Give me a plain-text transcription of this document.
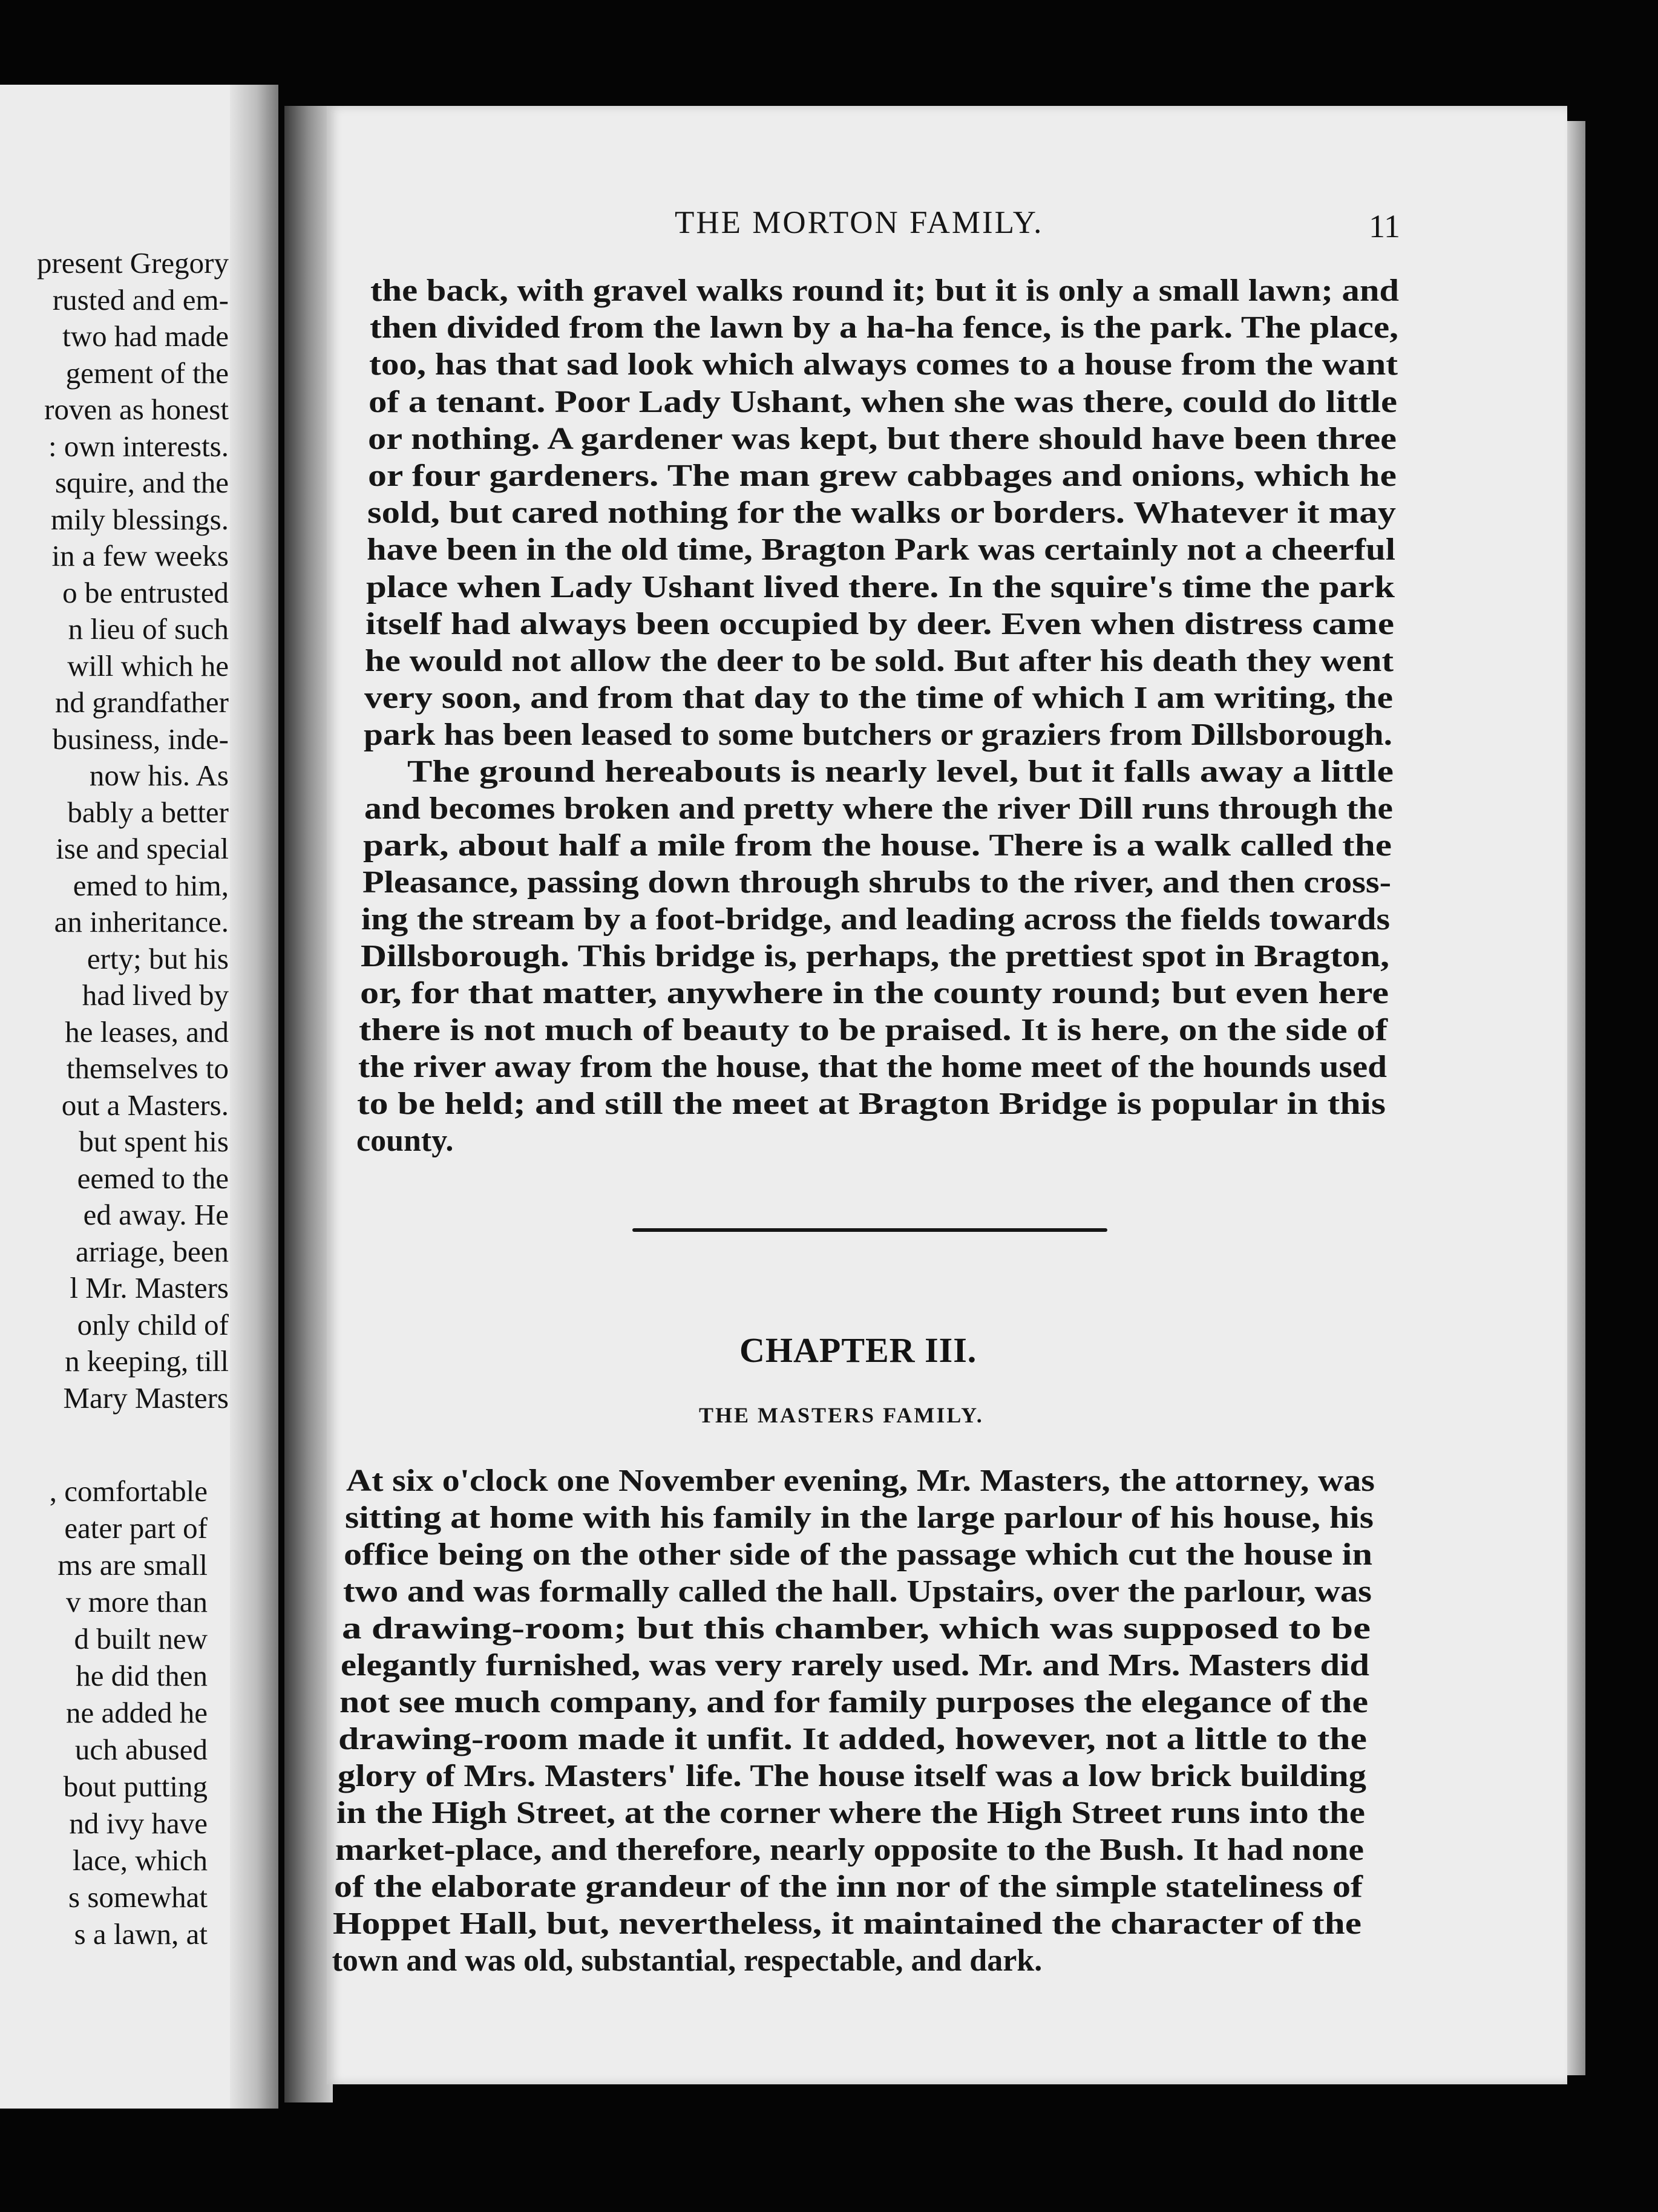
present Gregory
rusted and em-
two had made
gement of the
roven as honest
: own interests.
squire, and the
mily blessings.
in a few weeks
o be entrusted
n lieu of such
will which he
nd grandfather
business, inde-
now his. As
bably a better
ise and special
emed to him,
an inheritance.
erty; but his
had lived by
he leases, and
themselves to
out a Masters.
but spent his
eemed to the
ed away. He
arriage, been
l Mr. Masters
only child of
n keeping, till
Mary Masters
, comfortable
eater part of
ms are small
v more than
d built new
he did then
ne added he
uch abused
bout putting
nd ivy have
lace, which
s somewhat
s a lawn, at
THE MORTON FAMILY.	11
the back, with gravel walks round it; but it is only a small lawn; and
then divided from the lawn by a ha-ha fence, is the park. The place,
too, has that sad look which always comes to a house from the want
of a tenant. Poor Lady Ushant, when she was there, could do little
or nothing. A gardener was kept, but there should have been three
or four gardeners. The man grew cabbages and onions, which he
sold, but cared nothing for the walks or borders. Whatever it may
have been in the old time, Bragton Park was certainly not a cheerful
place when Lady Ushant lived there. In the squire's time the park
itself had always been occupied by deer. Even when distress came
he would not allow the deer to be sold. But after his death they went
very soon, and from that day to the time of which I am writing, the
park has been leased to some butchers or graziers from Dillsborough.
The ground hereabouts is nearly level, but it falls away a little
and becomes broken and pretty where the river Dill runs through the
park, about half a mile from the house. There is a walk called the
Pleasance, passing down through shrubs to the river, and then cross-
ing the stream by a foot-bridge, and leading across the fields towards
Dillsborough. This bridge is, perhaps, the prettiest spot in Bragton,
or, for that matter, anywhere in the county round; but even here
there is not much of beauty to be praised. It is here, on the side of
the river away from the house, that the home meet of the hounds used
to be held; and still the meet at Bragton Bridge is popular in this
county.
CHAPTER III.
THE MASTERS FAMILY.
At six o'clock one November evening, Mr. Masters, the attorney, was
sitting at home with his family in the large parlour of his house, his
office being on the other side of the passage which cut the house in
two and was formally called the hall. Upstairs, over the parlour, was
a drawing-room; but this chamber, which was supposed to be
elegantly furnished, was very rarely used. Mr. and Mrs. Masters did
not see much company, and for family purposes the elegance of the
drawing-room made it unfit. It added, however, not a little to the
glory of Mrs. Masters' life. The house itself was a low brick building
in the High Street, at the corner where the High Street runs into the
market-place, and therefore, nearly opposite to the Bush. It had none
of the elaborate grandeur of the inn nor of the simple stateliness of
Hoppet Hall, but, nevertheless, it maintained the character of the
town and was old, substantial, respectable, and dark.
